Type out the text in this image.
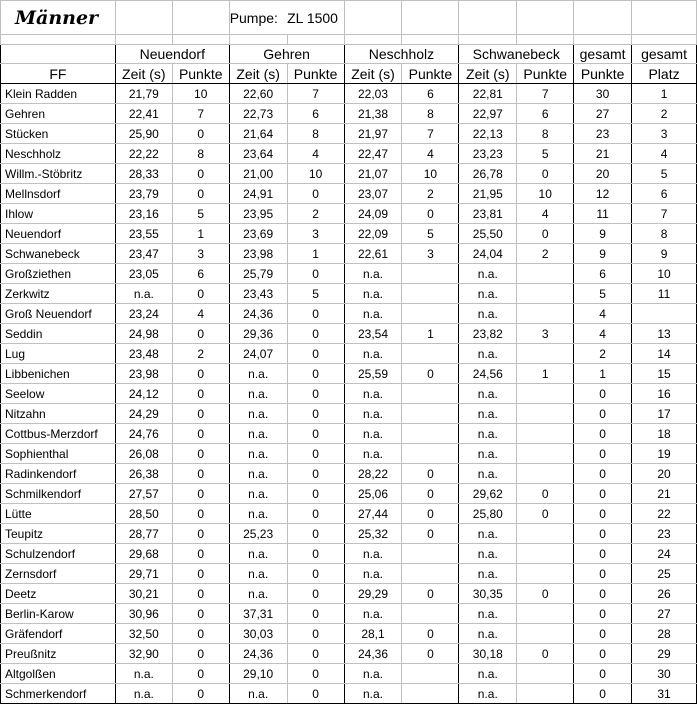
Männer			Pumpe:	ZL 1500						

	Neuendorf		Gehren		Neschholz		Schwanebeck		gesamt	gesamt
FF	Zeit (s)	Punkte	Zeit (s)	Punkte	Zeit (s)	Punkte	Zeit (s)	Punkte	Punkte	Platz
Klein Radden	21,79	10	22,60	7	22,03	6	22,81	7	30	1
Gehren	22,41	7	22,73	6	21,38	8	22,97	6	27	2
Stücken	25,90	0	21,64	8	21,97	7	22,13	8	23	3
Neschholz	22,22	8	23,64	4	22,47	4	23,23	5	21	4
Willm.-Stöbritz	28,33	0	21,00	10	21,07	10	26,78	0	20	5
Mellnsdorf	23,79	0	24,91	0	23,07	2	21,95	10	12	6
Ihlow	23,16	5	23,95	2	24,09	0	23,81	4	11	7
Neuendorf	23,55	1	23,69	3	22,09	5	25,50	0	9	8
Schwanebeck	23,47	3	23,98	1	22,61	3	24,04	2	9	9
Großziethen	23,05	6	25,79	0	n.a.		n.a.		6	10
Zerkwitz	n.a.	0	23,43	5	n.a.		n.a.		5	11
Groß Neuendorf	23,24	4	24,36	0	n.a.		n.a.		4	
Seddin	24,98	0	29,36	0	23,54	1	23,82	3	4	13
Lug	23,48	2	24,07	0	n.a.		n.a.		2	14
Libbenichen	23,98	0	n.a.	0	25,59	0	24,56	1	1	15
Seelow	24,12	0	n.a.	0	n.a.		n.a.		0	16
Nitzahn	24,29	0	n.a.	0	n.a.		n.a.		0	17
Cottbus-Merzdorf	24,76	0	n.a.	0	n.a.		n.a.		0	18
Sophienthal	26,08	0	n.a.	0	n.a.		n.a.		0	19
Radinkendorf	26,38	0	n.a.	0	28,22	0	n.a.		0	20
Schmilkendorf	27,57	0	n.a.	0	25,06	0	29,62	0	0	21
Lütte	28,50	0	n.a.	0	27,44	0	25,80	0	0	22
Teupitz	28,77	0	25,23	0	25,32	0	n.a.		0	23
Schulzendorf	29,68	0	n.a.	0	n.a.		n.a.		0	24
Zernsdorf	29,71	0	n.a.	0	n.a.		n.a.		0	25
Deetz	30,21	0	n.a.	0	29,29	0	30,35	0	0	26
Berlin-Karow	30,96	0	37,31	0	n.a.		n.a.		0	27
Gräfendorf	32,50	0	30,03	0	28,1	0	n.a.		0	28
Preußnitz	32,90	0	24,36	0	24,36	0	30,18	0	0	29
Altgolßen	n.a.	0	29,10	0	n.a.		n.a.		0	30
Schmerkendorf	n.a.	0	n.a.	0	n.a.		n.a.		0	31
